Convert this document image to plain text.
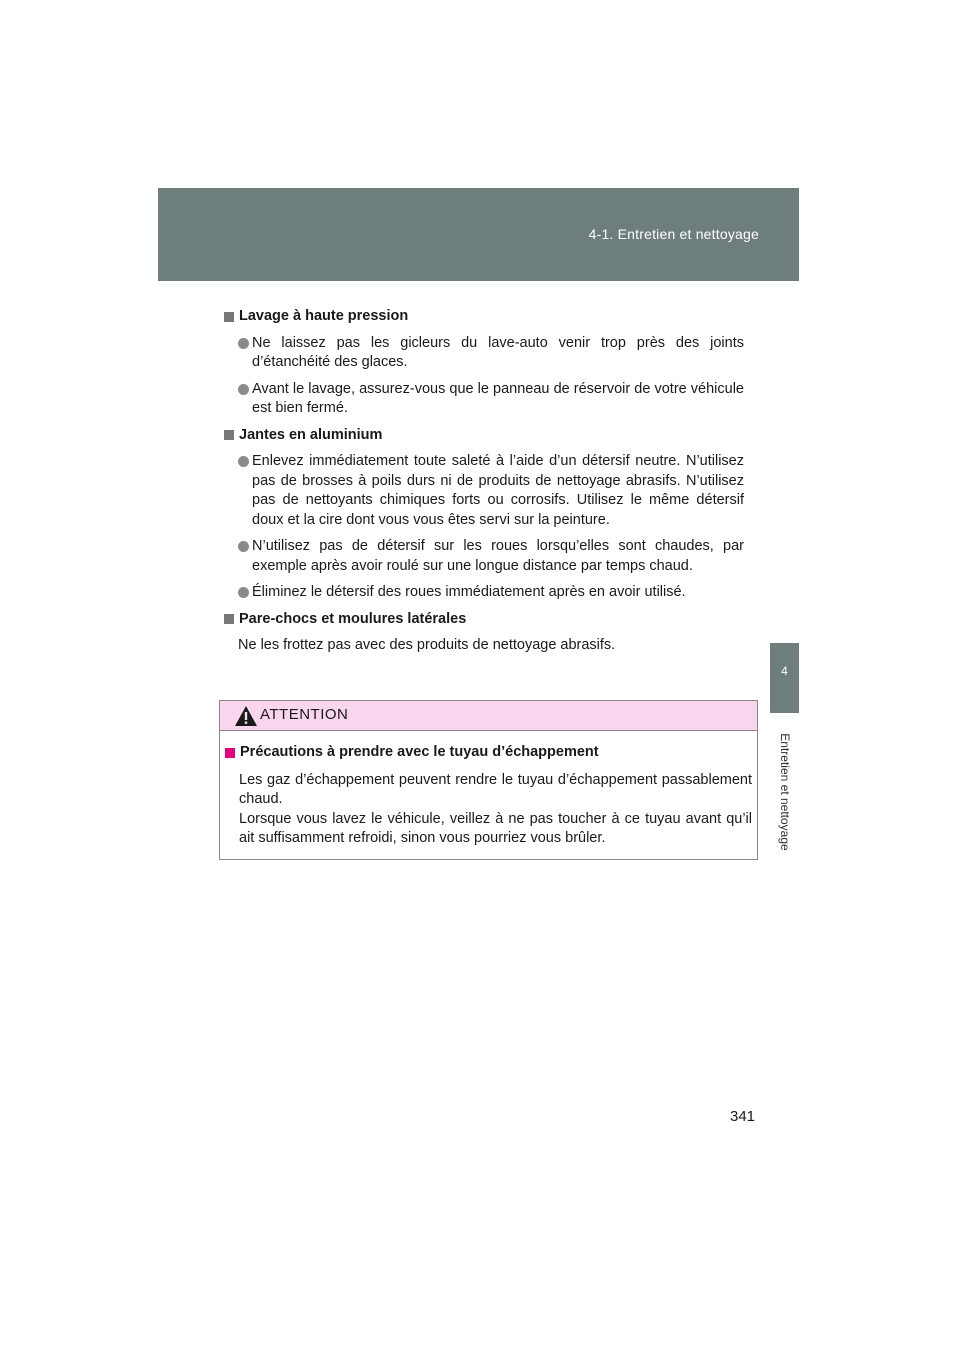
4-1. Entretien et nettoyage
4
Entretien et nettoyage
Lavage à haute pression
Ne laissez pas les gicleurs du lave-auto venir trop près des joints d’étanchéité des glaces.
Avant le lavage, assurez-vous que le panneau de réservoir de votre véhicule est bien fermé.
Jantes en aluminium
Enlevez immédiatement toute saleté à l’aide d’un détersif neutre. N’utilisez pas de brosses à poils durs ni de produits de nettoyage abrasifs. N’utilisez pas de nettoyants chimiques forts ou corrosifs. Utilisez le même détersif doux et la cire dont vous vous êtes servi sur la peinture.
N’utilisez pas de détersif sur les roues lorsqu’elles sont chaudes, par exemple après avoir roulé sur une longue distance par temps chaud.
Éliminez le détersif des roues immédiatement après en avoir utilisé.
Pare-chocs et moulures latérales
Ne les frottez pas avec des produits de nettoyage abrasifs.
ATTENTION
Précautions à prendre avec le tuyau d’échappement

Les gaz d’échappement peuvent rendre le tuyau d’échappement passablement chaud.

Lorsque vous lavez le véhicule, veillez à ne pas toucher à ce tuyau avant qu’il ait suffisamment refroidi, sinon vous pourriez vous brûler.

341
